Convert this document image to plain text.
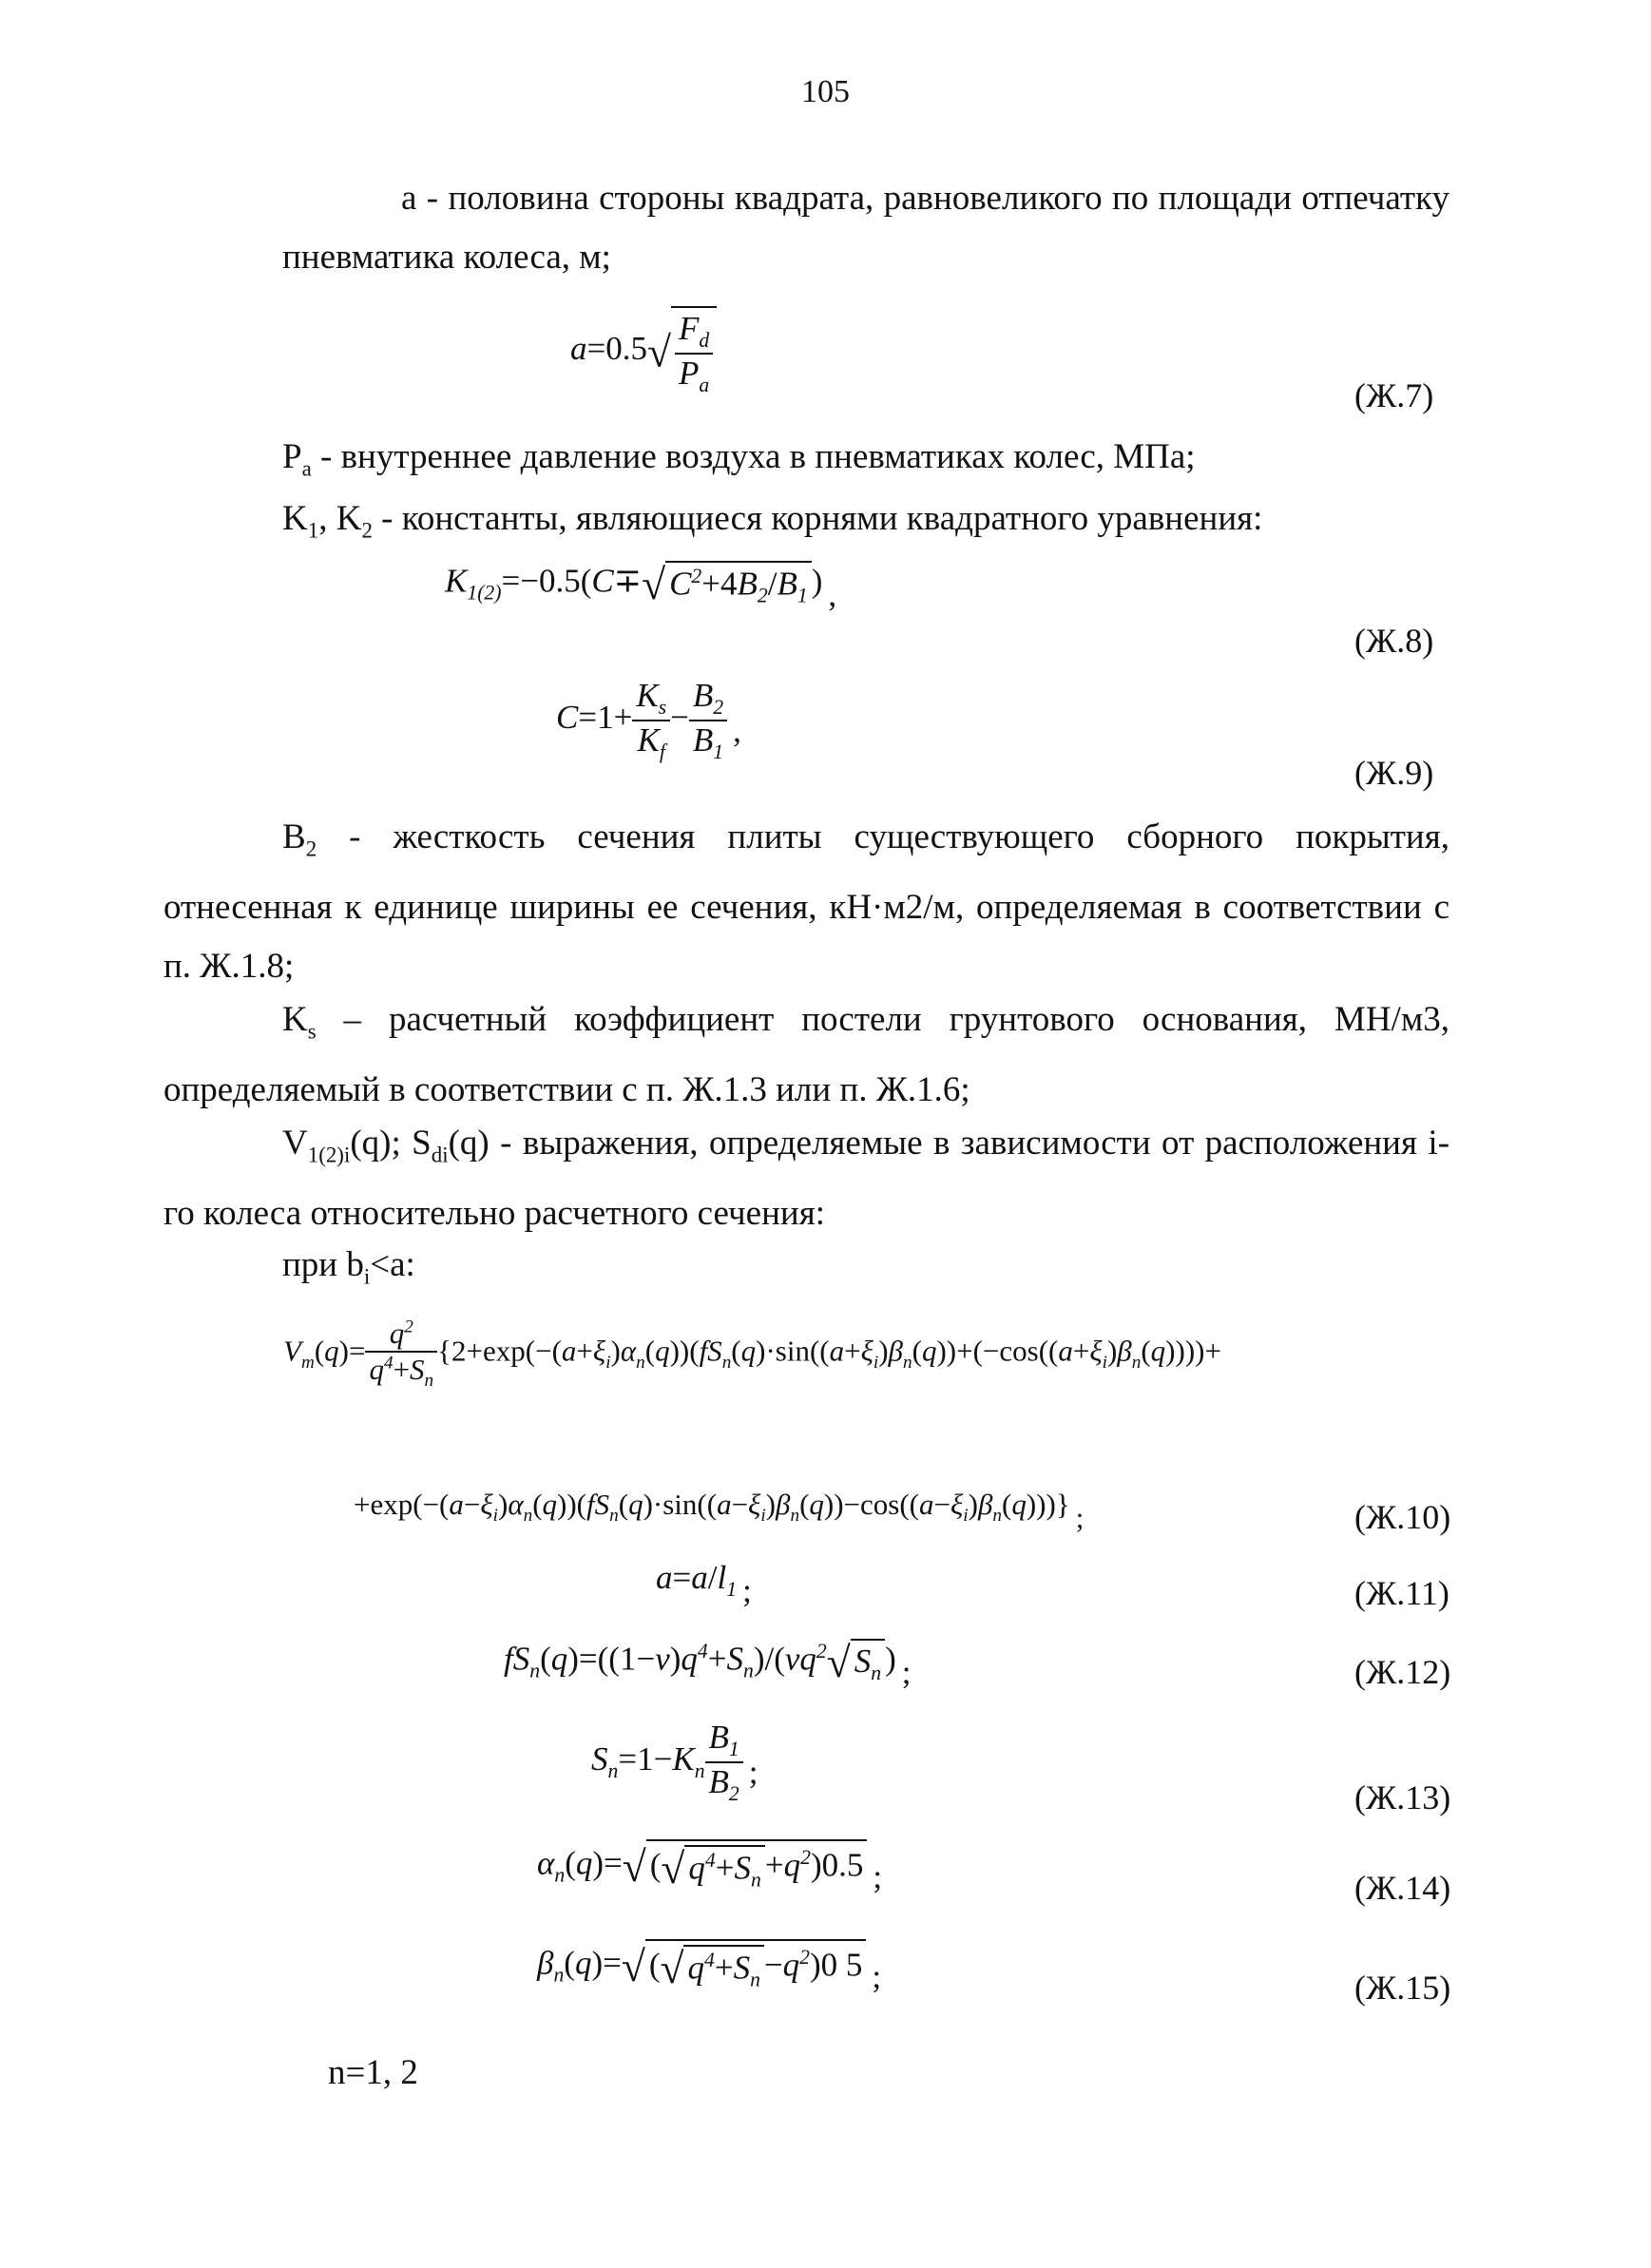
105
а - половина стороны квадрата, равновеликого по площади отпечатку пневматика колеса, м;
$a=0.5√ \frac{F_d}{P_a}$	(Ж.7)
$P_a$ - внутреннее давление воздуха в пневматиках колес, МПа;
$K_1$, $K_2$ - константы, являющиеся корнями квадратного уравнения:
$K_{1(2)}=-0.5(C\mp√$ $C^2+4B_2/B_1$ ) ,
(Ж.8)
$C=1+ \frac{K_s}{K_f} - \frac{B_2}{B_1}$ ,
(Ж.9)
$B_2$ - жесткость сечения плиты существующего сборного покрытия, отнесенная к единице ширины ее сечения, кН·м2/м, определяемая в соответствии с п. Ж.1.8;
$K_s$ – расчетный коэффициент постели грунтового основания, МН/м3, определяемый в соответствии с п. Ж.1.3 или п. Ж.1.6;
$V_{1(2)i}(q)$; $S_{di}(q)$ - выражения, определяемые в зависимости от расположения i-го колеса относительно расчетного сечения:
при $b_i<a$:
$V_m(q)= \frac{q^2}{q^4+S_n} \{2+\exp(-(a+\xi_i)\alpha_n(q))(fS_n(q)\cdot\sin((a+\xi_i)\beta_n(q))+(-\cos((a+\xi_i)\beta_n(q))))+$
$+\exp(-(a-\xi_i)\alpha_n(q))(fS_n(q)\cdot\sin((a-\xi_i)\beta_n(q))-\cos((a-\xi_i)\beta_n(q)))$} ;	(Ж.10)
$a=a/l_1$ ;	(Ж.11)
$fS_n(q)=((1-\nu)q^4+S_n)/(\nu q^2√$ $S_n$ ) ;	(Ж.12)
$S_n=1-K_n \frac{B_1}{B_2}$ ;
(Ж.13)
$\alpha_n(q)=√$ (√ $q^4+S_n +q^2)0.5$ ;	(Ж.14)
$\beta_n(q)=√$ (√ $q^4+S_n -q^2)0$ 5 ;	(Ж.15)
n=1, 2
